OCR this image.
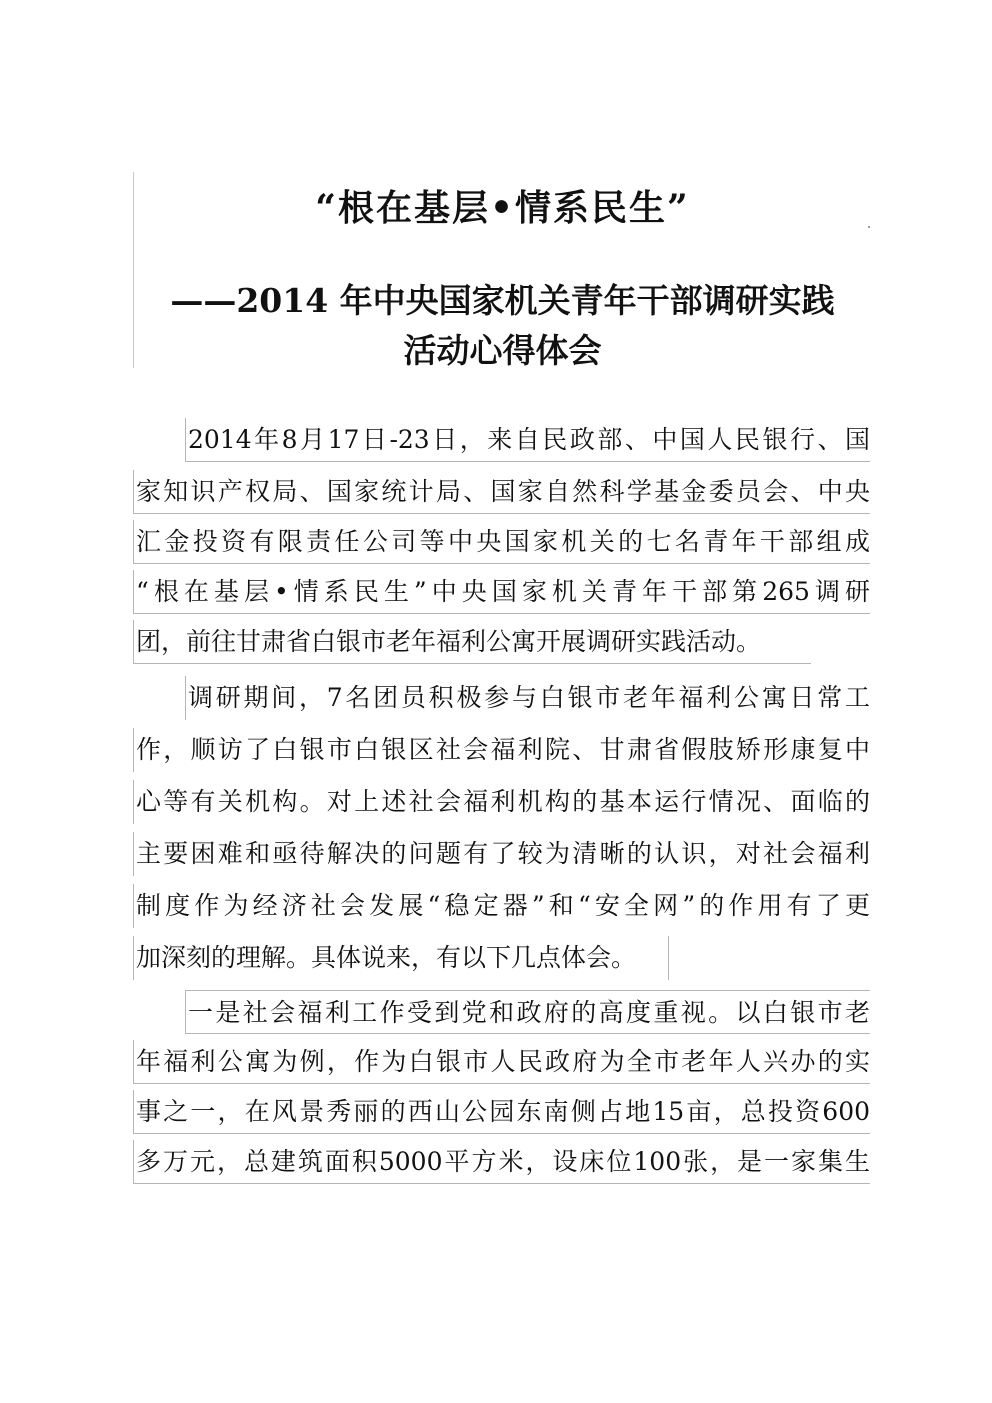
“根在基层•情系民生”
——2014 年中央国家机关青年干部调研实践
活动心得体会
2014年8月17日-23日，来自民政部、中国人民银行、国
家知识产权局、国家统计局、国家自然科学基金委员会、中央
汇金投资有限责任公司等中央国家机关的七名青年干部组成
“根在基层•情系民生”中央国家机关青年干部第265调研
团，前往甘肃省白银市老年福利公寓开展调研实践活动。
调研期间，7名团员积极参与白银市老年福利公寓日常工
作，顺访了白银市白银区社会福利院、甘肃省假肢矫形康复中
心等有关机构。对上述社会福利机构的基本运行情况、面临的
主要困难和亟待解决的问题有了较为清晰的认识，对社会福利
制度作为经济社会发展“稳定器”和“安全网”的作用有了更
加深刻的理解。具体说来，有以下几点体会。
一是社会福利工作受到党和政府的高度重视。以白银市老
年福利公寓为例，作为白银市人民政府为全市老年人兴办的实
事之一，在风景秀丽的西山公园东南侧占地15亩，总投资600
多万元，总建筑面积5000平方米，设床位100张，是一家集生
